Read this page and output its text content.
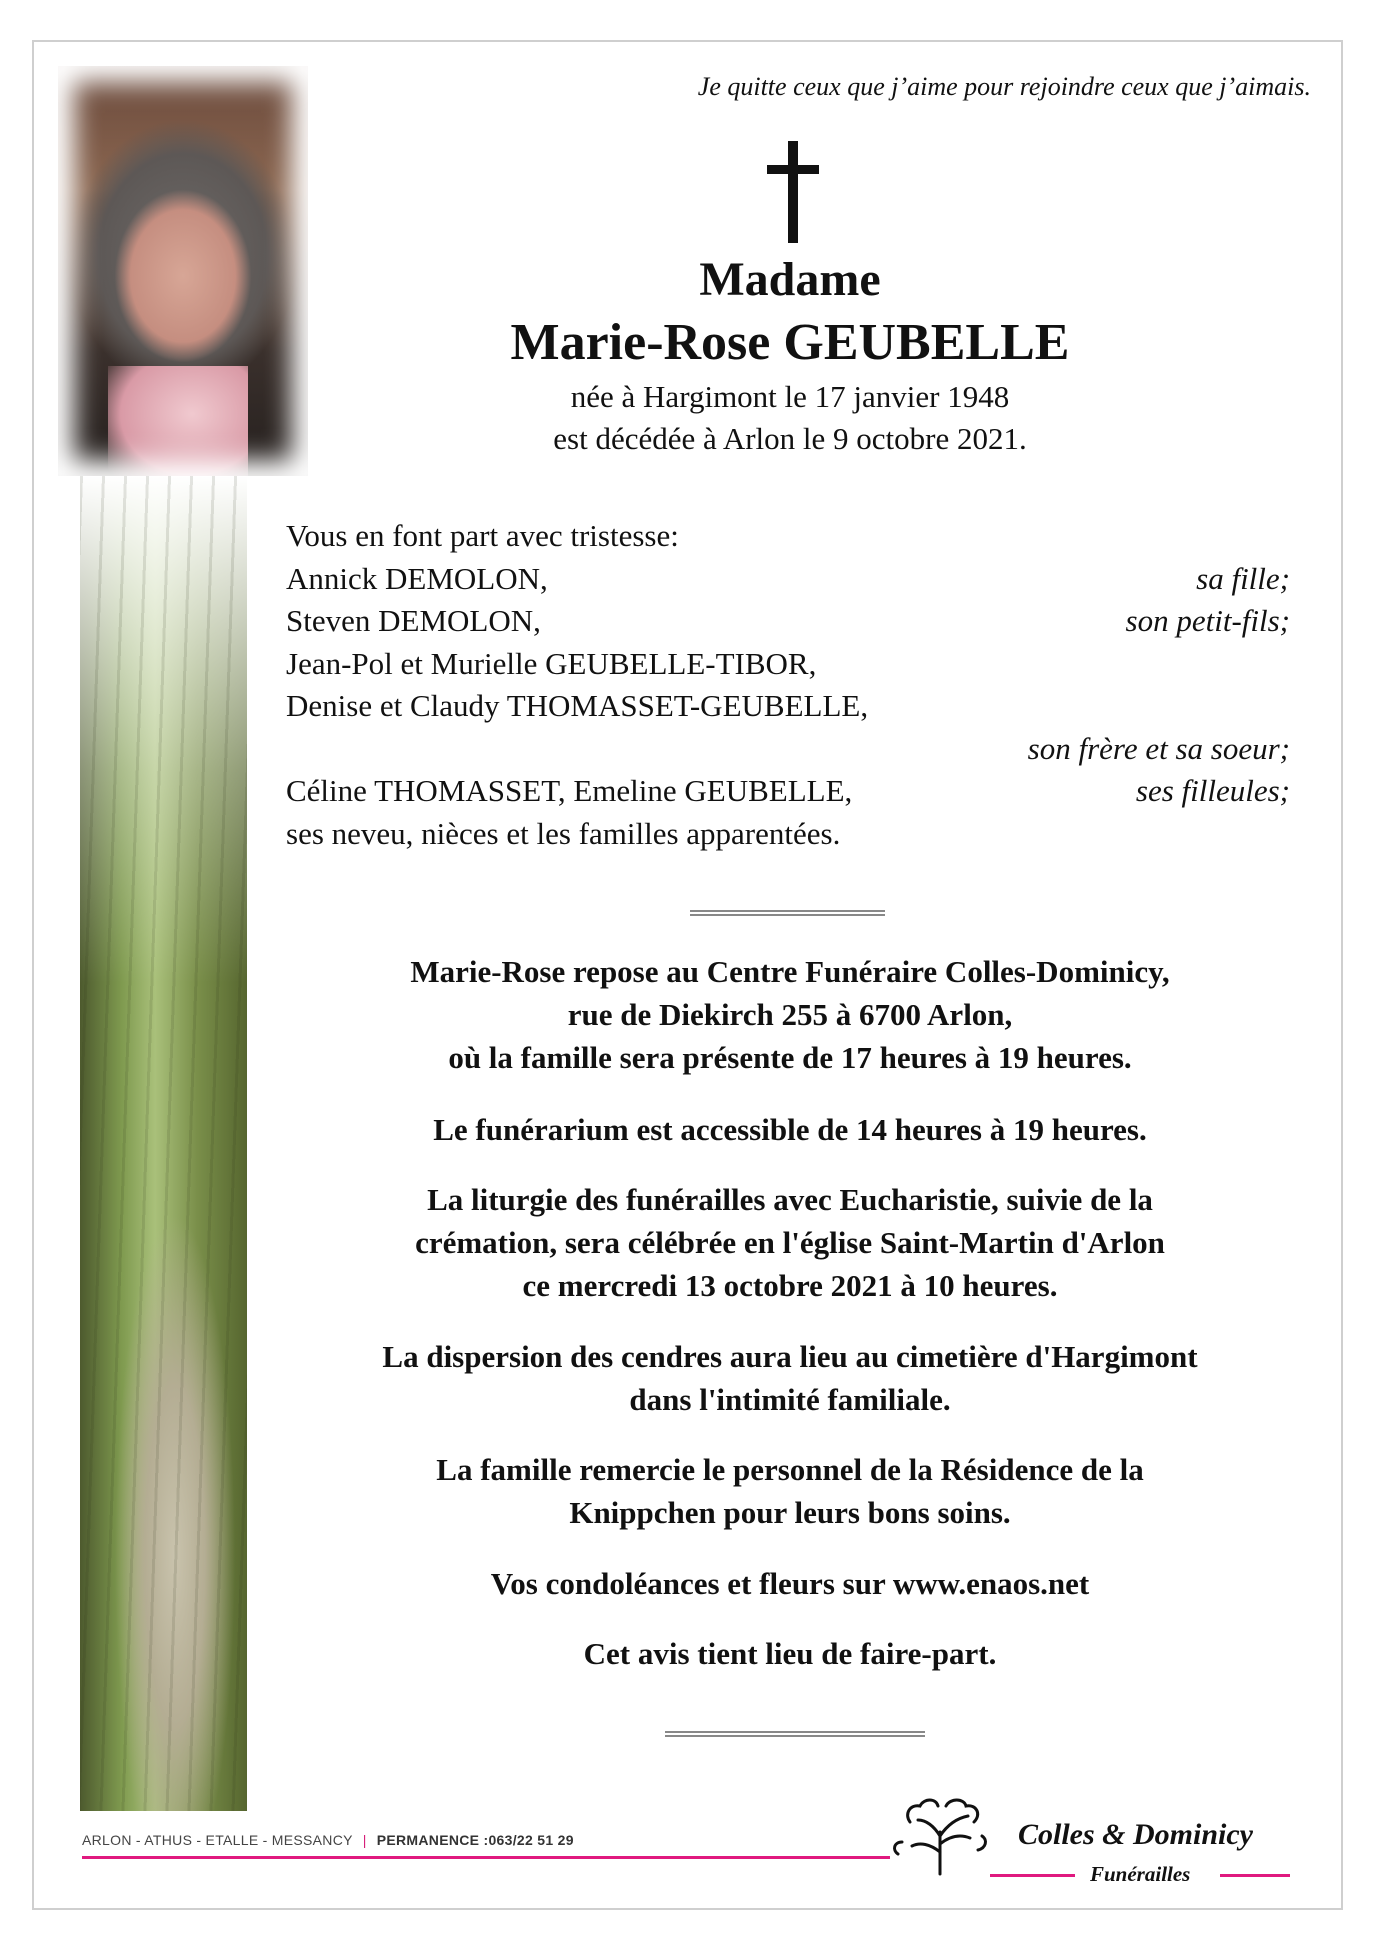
Je quitte ceux que j’aime pour rejoindre ceux que j’aimais.
Madame
Marie-Rose GEUBELLE
née à Hargimont le 17 janvier 1948
est décédée à Arlon le 9 octobre 2021.
Vous en font part avec tristesse:
Annick DEMOLON,	sa fille;
Steven DEMOLON,	son petit-fils;
Jean-Pol et Murielle GEUBELLE-TIBOR,
Denise et Claudy THOMASSET-GEUBELLE,
son frère et sa soeur;
Céline THOMASSET, Emeline GEUBELLE,	ses filleules;
ses neveu, nièces et les familles apparentées.
Marie-Rose repose au Centre Funéraire Colles-Dominicy,
rue de Diekirch 255 à 6700 Arlon,
où la famille sera présente de 17 heures à 19 heures.
Le funérarium est accessible de 14 heures à 19 heures.
La liturgie des funérailles avec Eucharistie, suivie de la
crémation, sera célébrée en l'église Saint-Martin d'Arlon
ce mercredi 13 octobre 2021 à 10 heures.
La dispersion des cendres aura lieu au cimetière d'Hargimont
dans l'intimité familiale.
La famille remercie le personnel de la Résidence de la
Knippchen pour leurs bons soins.
Vos condoléances et fleurs sur www.enaos.net
Cet avis tient lieu de faire-part.
ARLON - ATHUS - ETALLE - MESSANCY | PERMANENCE :063/22 51 29	Colles & Dominicy
Funérailles
